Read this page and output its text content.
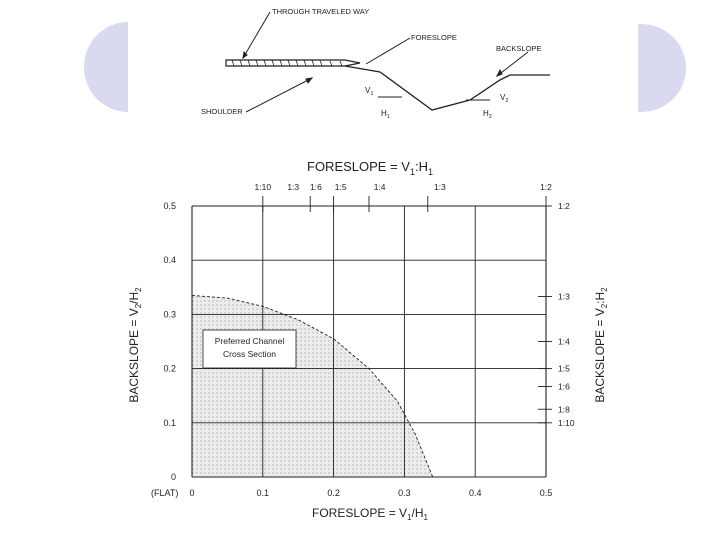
THROUGH TRAVELED WAY
FORESLOPE
BACKSLOPE
SHOULDER
$V_1$
$H_1$
$V_2$
$H_2$
Preferred Channel
Cross Section
0	0.1	0.2	0.3	0.4	0.5
0
0.1
0.2
0.3
0.4
0.5
1:10 1:3 1:6 1:5	1:4	1:3	1:2
1:2
1:3
1:4
1:5
1:6
1:8
1:10
(FLAT)
FORESLOPE = $V_1:H_1$
FORESLOPE = $V_1/H_1$
BACKSLOPE = $V_2/H_2$
BACKSLOPE = $V_2:H_2$
